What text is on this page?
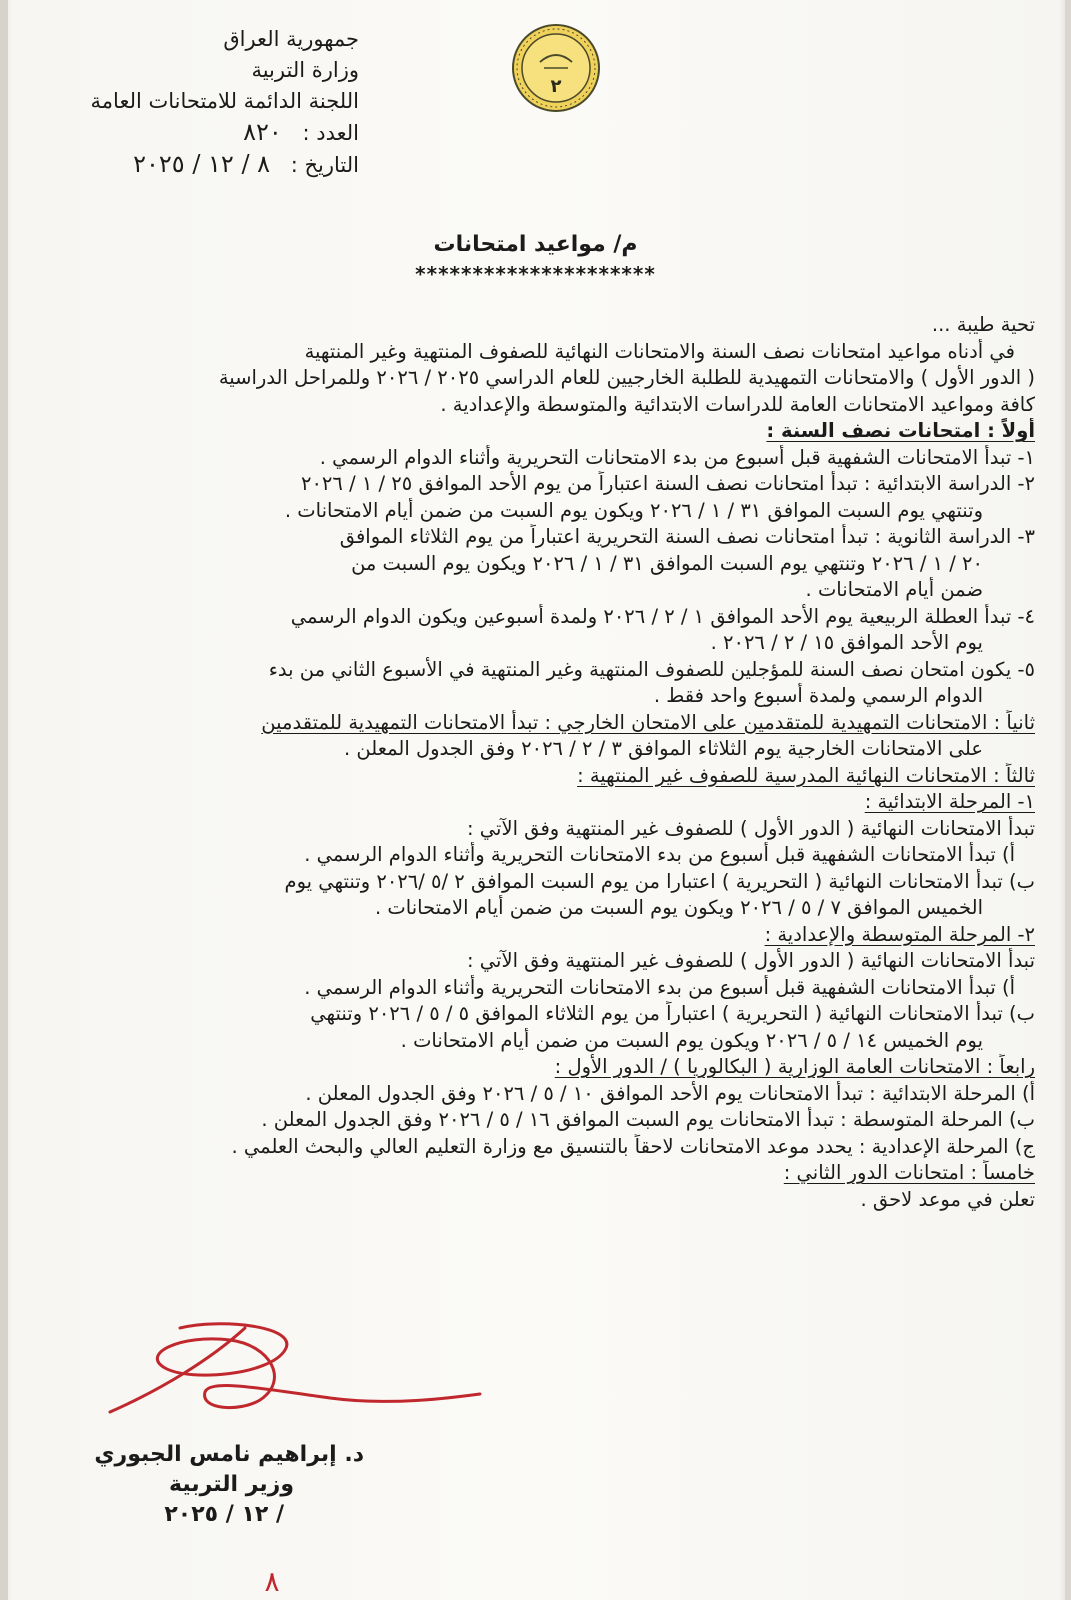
٢
جمهورية العراق
وزارة التربية
اللجنة الدائمة للامتحانات العامة
العدد : ٨٢٠
التاريخ : ٨ / ١٢ / ٢٠٢٥
م/ مواعيد امتحانات
*********************
تحية طيبة ...
في أدناه مواعيد امتحانات نصف السنة والامتحانات النهائية للصفوف المنتهية وغير المنتهية
( الدور الأول ) والامتحانات التمهيدية للطلبة الخارجيين للعام الدراسي ٢٠٢٥ / ٢٠٢٦ وللمراحل الدراسية
كافة ومواعيد الامتحانات العامة للدراسات الابتدائية والمتوسطة والإعدادية .
أولاً : امتحانات نصف السنة :
١- تبدأ الامتحانات الشفهية قبل أسبوع من بدء الامتحانات التحريرية وأثناء الدوام الرسمي .
٢- الدراسة الابتدائية : تبدأ امتحانات نصف السنة اعتباراً من يوم الأحد الموافق ٢٥ / ١ / ٢٠٢٦
وتنتهي يوم السبت الموافق ٣١ / ١ / ٢٠٢٦ ويكون يوم السبت من ضمن أيام الامتحانات .
٣- الدراسة الثانوية : تبدأ امتحانات نصف السنة التحريرية اعتباراً من يوم الثلاثاء الموافق
٢٠ / ١ / ٢٠٢٦ وتنتهي يوم السبت الموافق ٣١ / ١ / ٢٠٢٦ ويكون يوم السبت من
ضمن أيام الامتحانات .
٤- تبدأ العطلة الربيعية يوم الأحد الموافق ١ / ٢ / ٢٠٢٦ ولمدة أسبوعين ويكون الدوام الرسمي
يوم الأحد الموافق ١٥ / ٢ / ٢٠٢٦ .
٥- يكون امتحان نصف السنة للمؤجلين للصفوف المنتهية وغير المنتهية في الأسبوع الثاني من بدء
الدوام الرسمي ولمدة أسبوع واحد فقط .
ثانياً : الامتحانات التمهيدية للمتقدمين على الامتحان الخارجي : تبدأ الامتحانات التمهيدية للمتقدمين
على الامتحانات الخارجية يوم الثلاثاء الموافق ٣ / ٢ / ٢٠٢٦ وفق الجدول المعلن .
ثالثاً : الامتحانات النهائية المدرسية للصفوف غير المنتهية :
١- المرحلة الابتدائية :
تبدأ الامتحانات النهائية ( الدور الأول ) للصفوف غير المنتهية وفق الآتي :
أ) تبدأ الامتحانات الشفهية قبل أسبوع من بدء الامتحانات التحريرية وأثناء الدوام الرسمي .
ب) تبدأ الامتحانات النهائية ( التحريرية ) اعتبارا من يوم السبت الموافق ٢ /٥ /٢٠٢٦ وتنتهي يوم
الخميس الموافق ٧ / ٥ / ٢٠٢٦ ويكون يوم السبت من ضمن أيام الامتحانات .
٢- المرحلة المتوسطة والإعدادية :
تبدأ الامتحانات النهائية ( الدور الأول ) للصفوف غير المنتهية وفق الآتي :
أ) تبدأ الامتحانات الشفهية قبل أسبوع من بدء الامتحانات التحريرية وأثناء الدوام الرسمي .
ب) تبدأ الامتحانات النهائية ( التحريرية ) اعتباراً من يوم الثلاثاء الموافق ٥ / ٥ / ٢٠٢٦ وتنتهي
يوم الخميس ١٤ / ٥ / ٢٠٢٦ ويكون يوم السبت من ضمن أيام الامتحانات .
رابعاً : الامتحانات العامة الوزارية ( البكالوريا ) / الدور الأول :
أ) المرحلة الابتدائية : تبدأ الامتحانات يوم الأحد الموافق ١٠ / ٥ / ٢٠٢٦ وفق الجدول المعلن .
ب) المرحلة المتوسطة : تبدأ الامتحانات يوم السبت الموافق ١٦ / ٥ / ٢٠٢٦ وفق الجدول المعلن .
ج) المرحلة الإعدادية : يحدد موعد الامتحانات لاحقاً بالتنسيق مع وزارة التعليم العالي والبحث العلمي .
خامساً : امتحانات الدور الثاني :
تعلن في موعد لاحق .
د. إبراهيم نامس الجبوري
وزير التربية
/ ١٢ / ٢٠٢٥
٨
